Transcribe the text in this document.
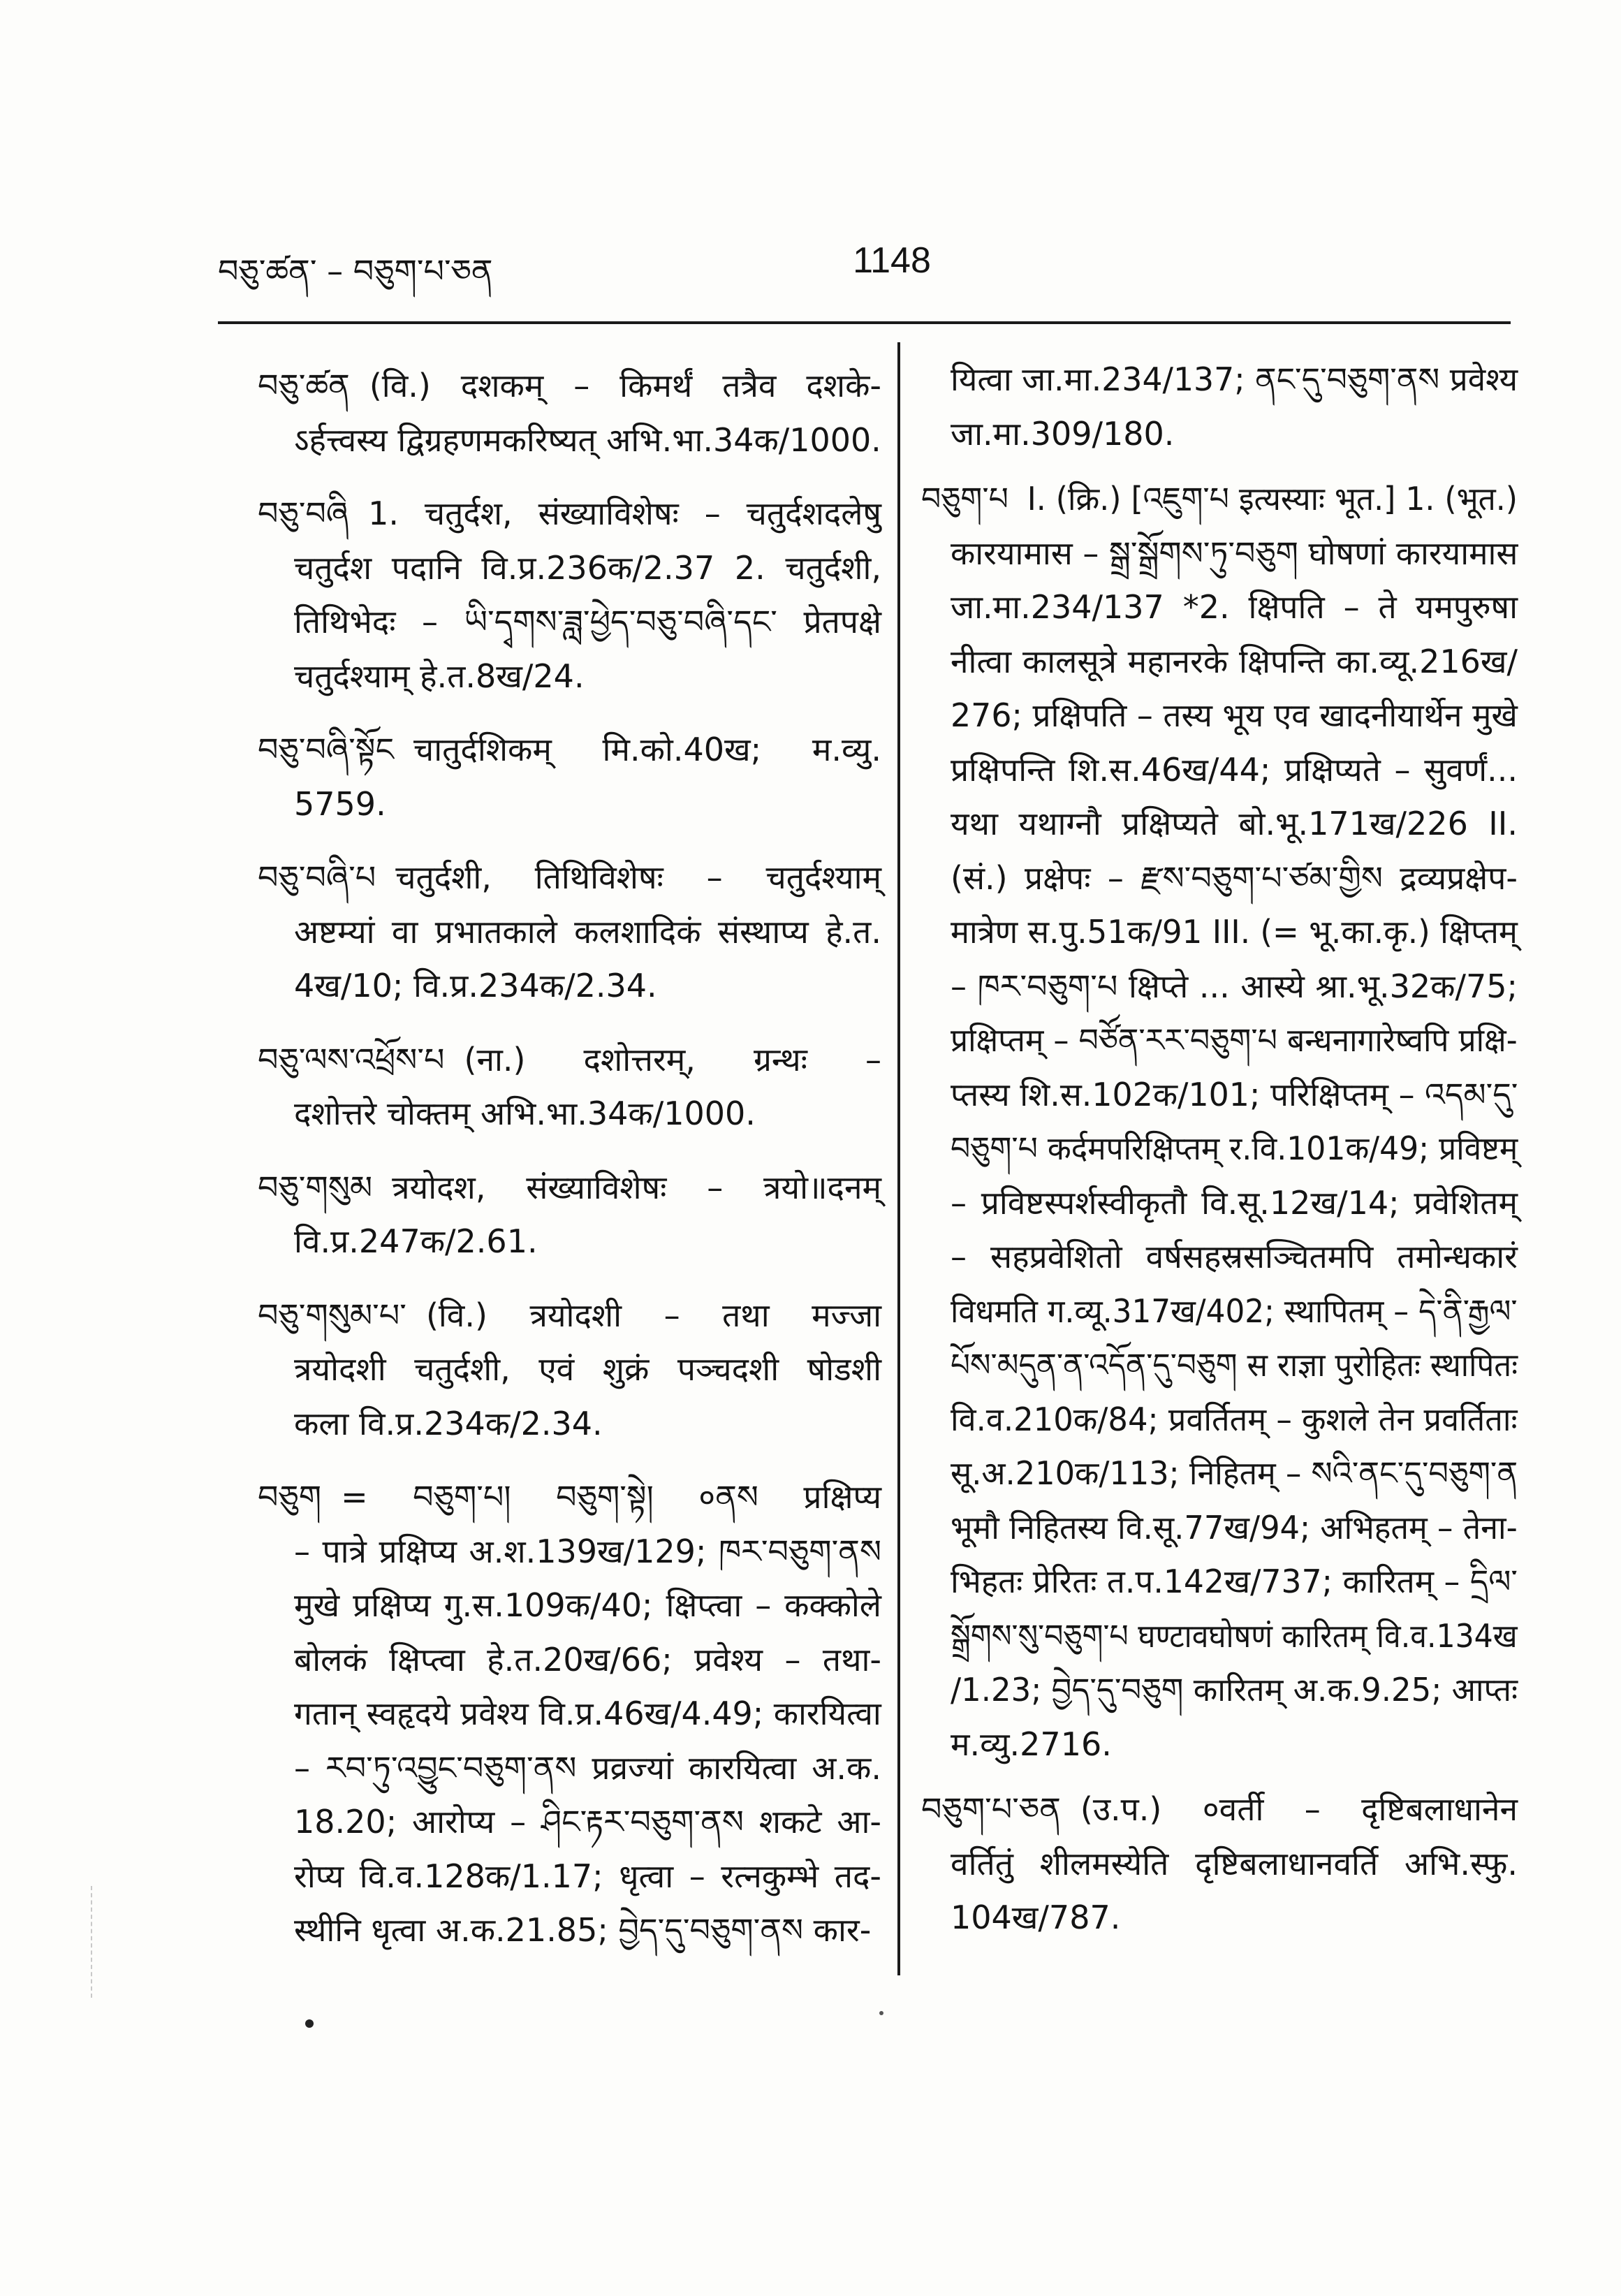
བཅུ་ཚན་ – བཅུག་པ་ཅན	1148
བཅུ་ཚན (वि.) दशकम् – किमर्थं तत्रैव दशके-
ऽर्हत्त्वस्य द्विग्रहणमकरिष्यत् अभि.भा.34क/1000.
བཅུ་བཞི 1. चतुर्दश, संख्याविशेषः – चतुर्दशदलेषु
चतुर्दश पदानि वि.प्र.236क/2.37 2. चतुर्दशी,
तिथिभेदः – ཡི་དྭགས་ཟླ་ཕྱེད་བཅུ་བཞི་དང་ प्रेतपक्षे
चतुर्दश्याम् हे.त.8ख/24.
བཅུ་བཞི་སྟོང चातुर्दशिकम् मि.को.40ख; म.व्यु.
5759.
བཅུ་བཞི་པ चतुर्दशी, तिथिविशेषः – चतुर्दश्याम्
अष्टम्यां वा प्रभातकाले कलशादिकं संस्थाप्य हे.त.
4ख/10; वि.प्र.234क/2.34.
བཅུ་ལས་འཕྲོས་པ (ना.) दशोत्तरम्, ग्रन्थः –
दशोत्तरे चोक्तम् अभि.भा.34क/1000.
བཅུ་གསུམ त्रयोदश, संख्याविशेषः – त्रयो॥दनम्
वि.प्र.247क/2.61.
བཅུ་གསུམ་པ་ (वि.) त्रयोदशी – तथा मज्जा
त्रयोदशी चतुर्दशी, एवं शुक्रं पञ्चदशी षोडशी
कला वि.प्र.234क/2.34.
བཅུག = བཅུག་པ། བཅུག་སྟེ། ०ནས प्रक्षिप्य
– पात्रे प्रक्षिप्य अ.श.139ख/129; ཁར་བཅུག་ནས
मुखे प्रक्षिप्य गु.स.109क/40; क्षिप्त्वा – कक्कोले
बोलकं क्षिप्त्वा हे.त.20ख/66; प्रवेश्य – तथा-
गतान् स्वहृदये प्रवेश्य वि.प्र.46ख/4.49; कारयित्वा
– རབ་ཏུ་འབྱུང་བཅུག་ནས प्रव्रज्यां कारयित्वा अ.क.
18.20; आरोप्य – ཤིང་རྟར་བཅུག་ནས शकटे आ-
रोप्य वि.व.128क/1.17; धृत्वा – रत्नकुम्भे तद-
स्थीनि धृत्वा अ.क.21.85; བྱེད་དུ་བཅུག་ནས कार-
यित्वा जा.मा.234/137; ནང་དུ་བཅུག་ནས प्रवेश्य
जा.मा.309/180.
བཅུག་པ I. (क्रि.) [འཇུག་པ इत्यस्याः भूत.] 1. (भूत.)
कारयामास – སྒྲ་སྒྲོགས་ཏུ་བཅུག घोषणां कारयामास
जा.मा.234/137 *2. क्षिपति – ते यमपुरुषा
नीत्वा कालसूत्रे महानरके क्षिपन्ति का.व्यू.216ख/
276; प्रक्षिपति – तस्य भूय एव खादनीयार्थेन मुखे
प्रक्षिपन्ति शि.स.46ख/44; प्रक्षिप्यते – सुवर्णं...
यथा यथाग्नौ प्रक्षिप्यते बो.भू.171ख/226 II.
(सं.) प्रक्षेपः – རྫས་བཅུག་པ་ཙམ་གྱིས द्रव्यप्रक्षेप-
मात्रेण स.पु.51क/91 III. (= भू.का.कृ.) क्षिप्तम्
– ཁར་བཅུག་པ क्षिप्ते ... आस्ये श्रा.भू.32क/75;
प्रक्षिप्तम् – བཙོན་རར་བཅུག་པ बन्धनागारेष्वपि प्रक्षि-
प्तस्य शि.स.102क/101; परिक्षिप्तम् – འདམ་དུ་
བཅུག་པ कर्दमपरिक्षिप्तम् र.वि.101क/49; प्रविष्टम्
– प्रविष्टस्पर्शस्वीकृतौ वि.सू.12ख/14; प्रवेशितम्
– सहप्रवेशितो वर्षसहस्रसञ्चितमपि तमोन्धकारं
विधमति ग.व्यू.317ख/402; स्थापितम् – དེ་ནི་རྒྱལ་
པོས་མདུན་ན་འདོན་དུ་བཅུག स राज्ञा पुरोहितः स्थापितः
वि.व.210क/84; प्रवर्तितम् – कुशले तेन प्रवर्तिताः
सू.अ.210क/113; निहितम् – སའི་ནང་དུ་བཅུག་ན
भूमौ निहितस्य वि.सू.77ख/94; अभिहतम् – तेना-
भिहतः प्रेरितः त.प.142ख/737; कारितम् – དྲིལ་
སྒྲོགས་སུ་བཅུག་པ घण्टावघोषणं कारितम् वि.व.134ख
/1.23; བྱེད་དུ་བཅུག कारितम् अ.क.9.25; आप्तः
म.व्यु.2716.
བཅུག་པ་ཅན (उ.प.) ०वर्ती – दृष्टिबलाधानेन
वर्तितुं शीलमस्येति दृष्टिबलाधानवर्ति अभि.स्फु.
104ख/787.
